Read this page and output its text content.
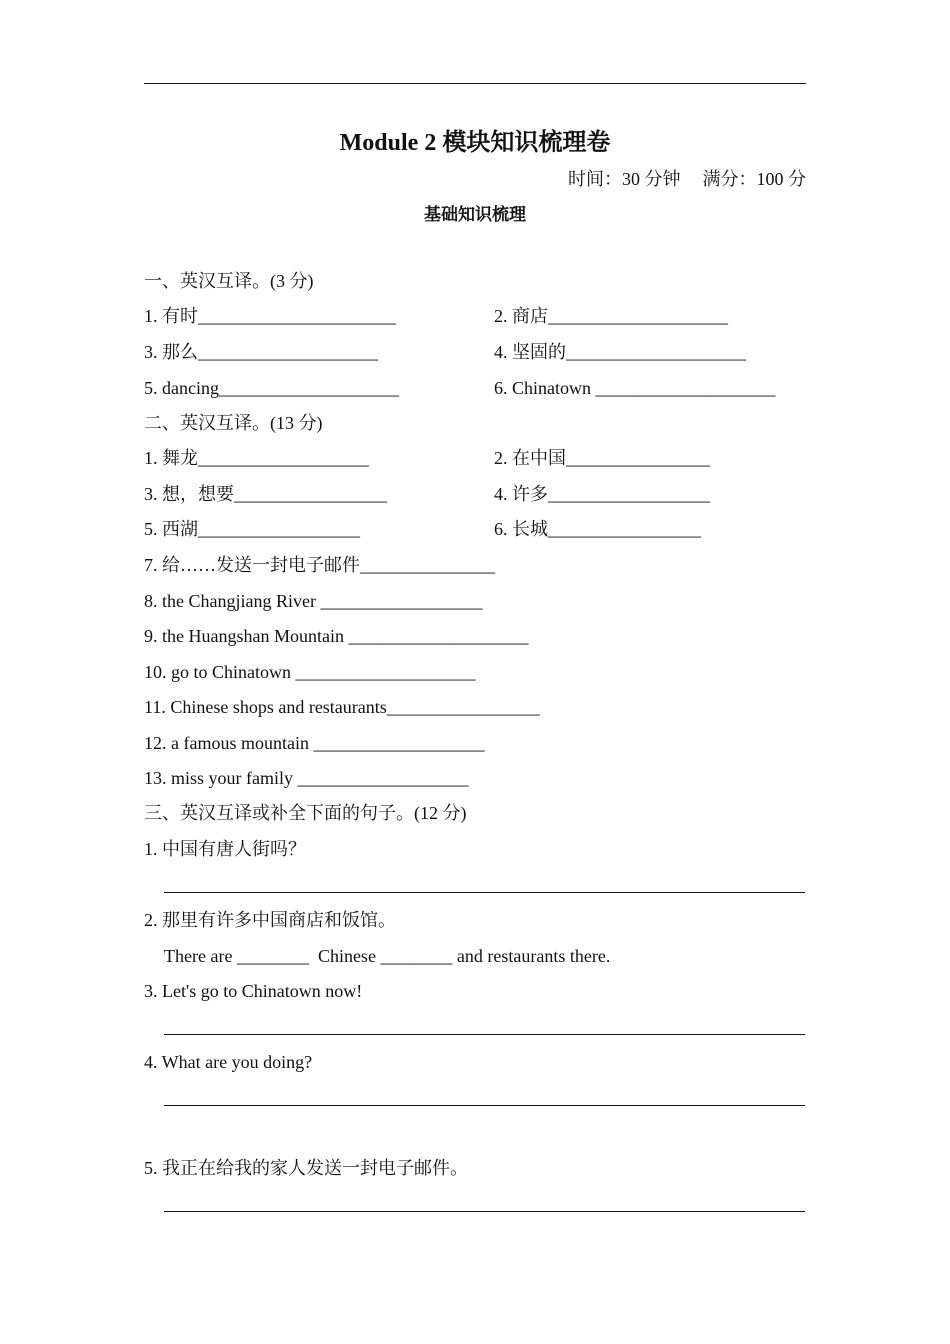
Module 2 模块知识梳理卷
时间：30 分钟 满分：100 分
基础知识梳理
一、英汉互译。(3 分)
1. 有时______________________	2. 商店____________________
3. 那么____________________	4. 坚固的____________________
5. dancing____________________	6. Chinatown ____________________
二、英汉互译。(13 分)
1. 舞龙___________________	2. 在中国________________
3. 想，想要_________________	4. 许多__________________
5. 西湖__________________	6. 长城_________________
7. 给……发送一封电子邮件_______________
8. the Changjiang River __________________
9. the Huangshan Mountain ____________________
10. go to Chinatown ____________________
11. Chinese shops and restaurants_________________
12. a famous mountain ___________________
13. miss your family ___________________
三、英汉互译或补全下面的句子。(12 分)
1. 中国有唐人街吗？
2. 那里有许多中国商店和饭馆。
There are ________  Chinese ________ and restaurants there.
3. Let's go to Chinatown now!
4. What are you doing?
5. 我正在给我的家人发送一封电子邮件。
